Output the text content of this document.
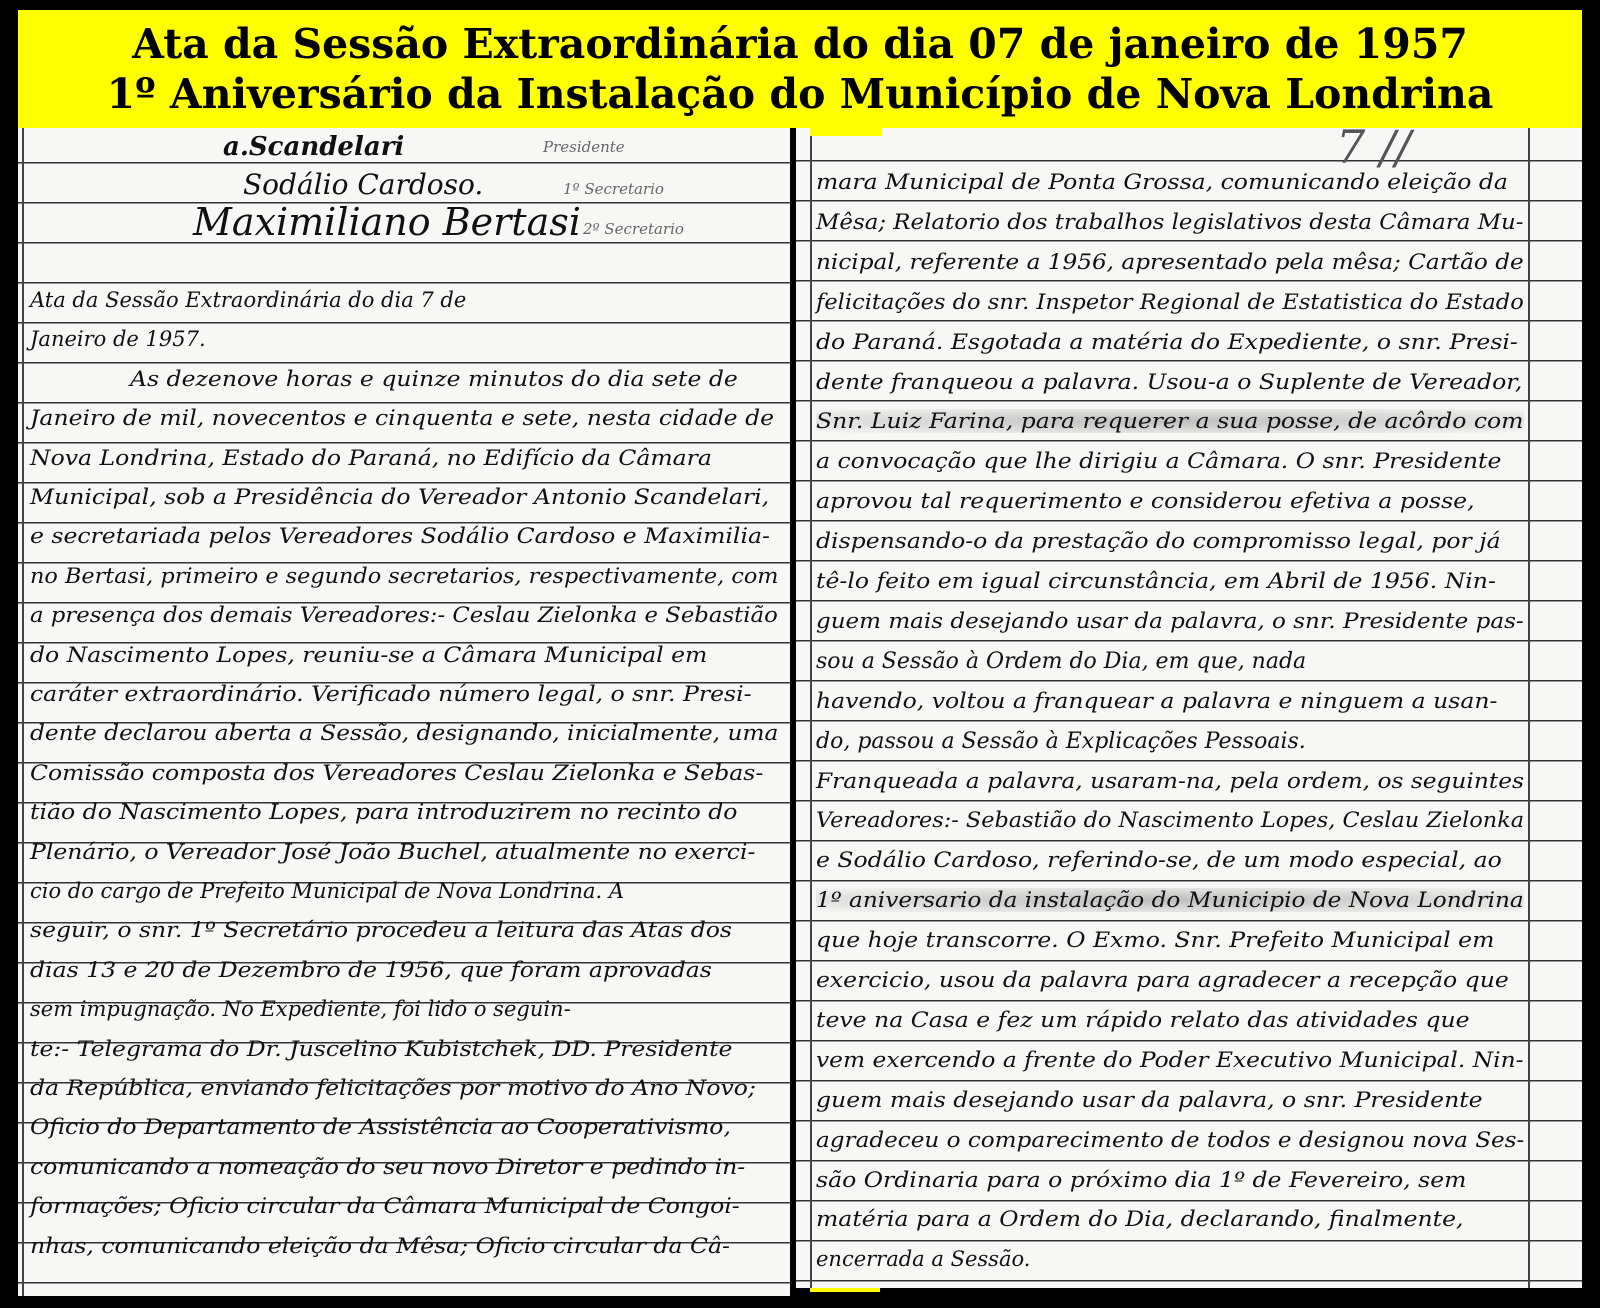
Ata da Sessão Extraordinária do dia 07 de janeiro de 1957
1º Aniversário da Instalação do Município de Nova Londrina
a.Scandelari	Presidente
Sodálio Cardoso.	1º Secretario
Maximiliano Bertasi 2º Secretario
Ata da Sessão Extraordinária do dia 7 de
Janeiro de 1957.
As dezenove horas e quinze minutos do dia sete de
Janeiro de mil, novecentos e cinquenta e sete, nesta cidade de
Nova Londrina, Estado do Paraná, no Edifício da Câmara
Municipal, sob a Presidência do Vereador Antonio Scandelari,
e secretariada pelos Vereadores Sodálio Cardoso e Maximilia-
no Bertasi, primeiro e segundo secretarios, respectivamente, com
a presença dos demais Vereadores:- Ceslau Zielonka e Sebastião
do Nascimento Lopes, reuniu-se a Câmara Municipal em
caráter extraordinário. Verificado número legal, o snr. Presi-
dente declarou aberta a Sessão, designando, inicialmente, uma
Comissão composta dos Vereadores Ceslau Zielonka e Sebas-
tião do Nascimento Lopes, para introduzirem no recinto do
Plenário, o Vereador José João Buchel, atualmente no exerci-
cio do cargo de Prefeito Municipal de Nova Londrina. A
seguir, o snr. 1º Secretário procedeu a leitura das Atas dos
dias 13 e 20 de Dezembro de 1956, que foram aprovadas
sem impugnação. No Expediente, foi lido o seguin-
te:- Telegrama do Dr. Juscelino Kubistchek, DD. Presidente
da República, enviando felicitações por motivo do Ano Novo;
Oficio do Departamento de Assistência ao Cooperativismo,
comunicando a nomeação do seu novo Diretor e pedindo in-
formações; Oficio circular da Câmara Municipal de Congoi-
nhas, comunicando eleição da Mêsa; Oficio circular da Câ-
7 //
mara Municipal de Ponta Grossa, comunicando eleição da
Mêsa; Relatorio dos trabalhos legislativos desta Câmara Mu-
nicipal, referente a 1956, apresentado pela mêsa; Cartão de
felicitações do snr. Inspetor Regional de Estatistica do Estado
do Paraná. Esgotada a matéria do Expediente, o snr. Presi-
dente franqueou a palavra. Usou-a o Suplente de Vereador,
Snr. Luiz Farina, para requerer a sua posse, de acôrdo com
a convocação que lhe dirigiu a Câmara. O snr. Presidente
aprovou tal requerimento e considerou efetiva a posse,
dispensando-o da prestação do compromisso legal, por já
tê-lo feito em igual circunstância, em Abril de 1956. Nin-
guem mais desejando usar da palavra, o snr. Presidente pas-
sou a Sessão à Ordem do Dia, em que, nada
havendo, voltou a franquear a palavra e ninguem a usan-
do, passou a Sessão à Explicações Pessoais.
Franqueada a palavra, usaram-na, pela ordem, os seguintes
Vereadores:- Sebastião do Nascimento Lopes, Ceslau Zielonka
e Sodálio Cardoso, referindo-se, de um modo especial, ao
1º aniversario da instalação do Municipio de Nova Londrina
que hoje transcorre. O Exmo. Snr. Prefeito Municipal em
exercicio, usou da palavra para agradecer a recepção que
teve na Casa e fez um rápido relato das atividades que
vem exercendo a frente do Poder Executivo Municipal. Nin-
guem mais desejando usar da palavra, o snr. Presidente
agradeceu o comparecimento de todos e designou nova Ses-
são Ordinaria para o próximo dia 1º de Fevereiro, sem
matéria para a Ordem do Dia, declarando, finalmente,
encerrada a Sessão.
